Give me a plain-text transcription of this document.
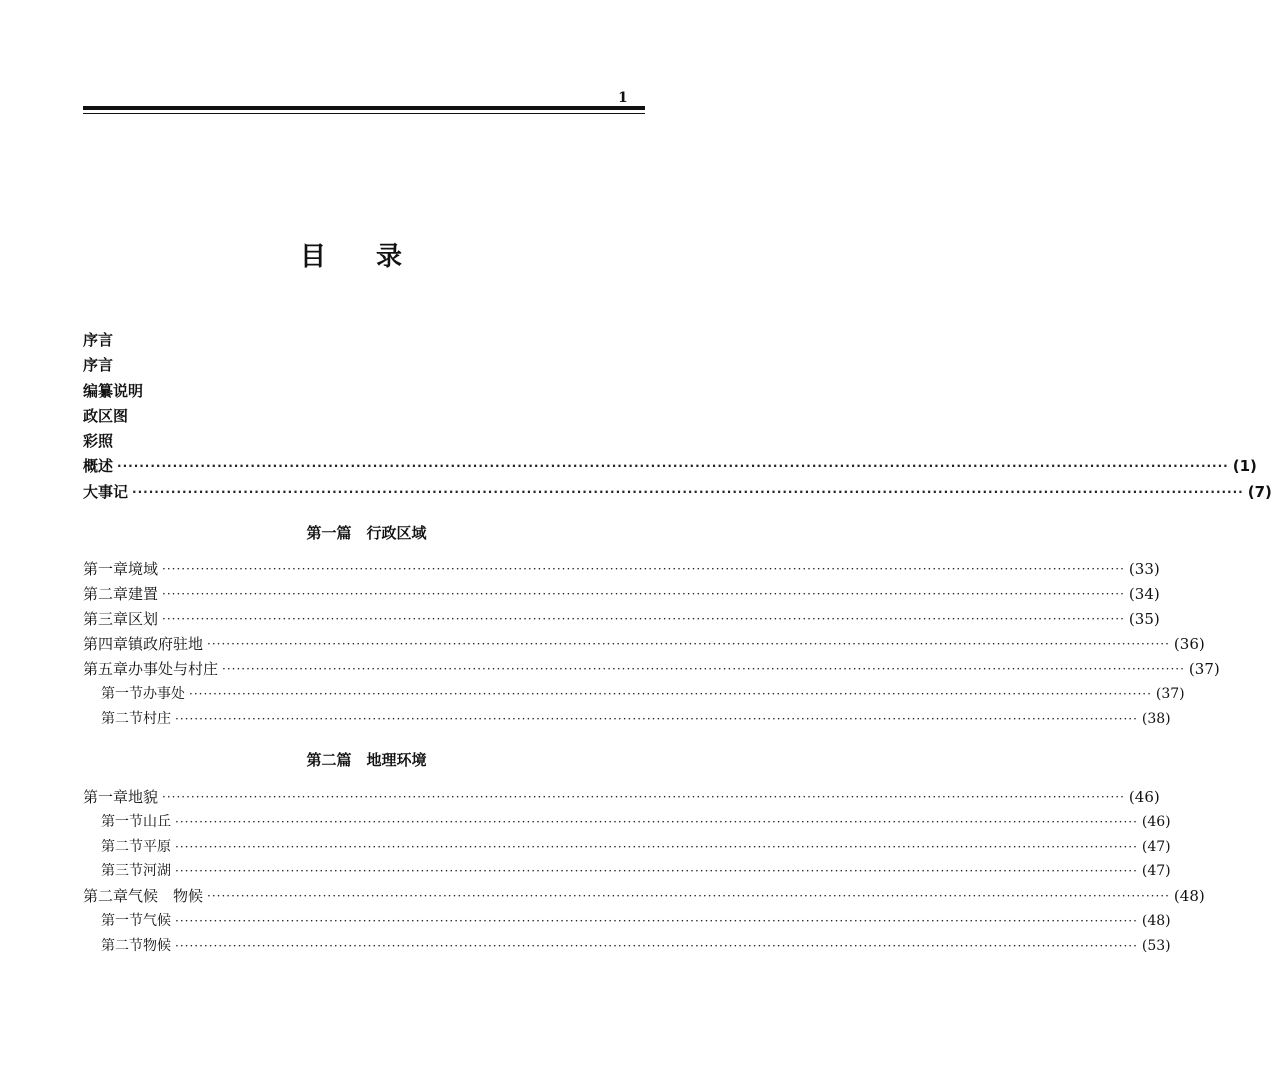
1
目 录
序言
序言
编纂说明
政区图
彩照
概述 ········································································································································································································ (1)
大事记 ········································································································································································································ (7)
第一篇　行政区域
第一章 境域 ········································································································································································································ (33)
第二章 建置 ········································································································································································································ (34)
第三章 区划 ········································································································································································································ (35)
第四章 镇政府驻地 ········································································································································································································ (36)
第五章 办事处与村庄 ········································································································································································································ (37)
第一节 办事处 ········································································································································································································ (37)
第二节 村庄 ········································································································································································································ (38)
第二篇　地理环境
第一章 地貌 ········································································································································································································ (46)
第一节 山丘 ········································································································································································································ (46)
第二节 平原 ········································································································································································································ (47)
第三节 河湖 ········································································································································································································ (47)
第二章 气候　物候 ········································································································································································································ (48)
第一节 气候 ········································································································································································································ (48)
第二节 物候 ········································································································································································································ (53)
